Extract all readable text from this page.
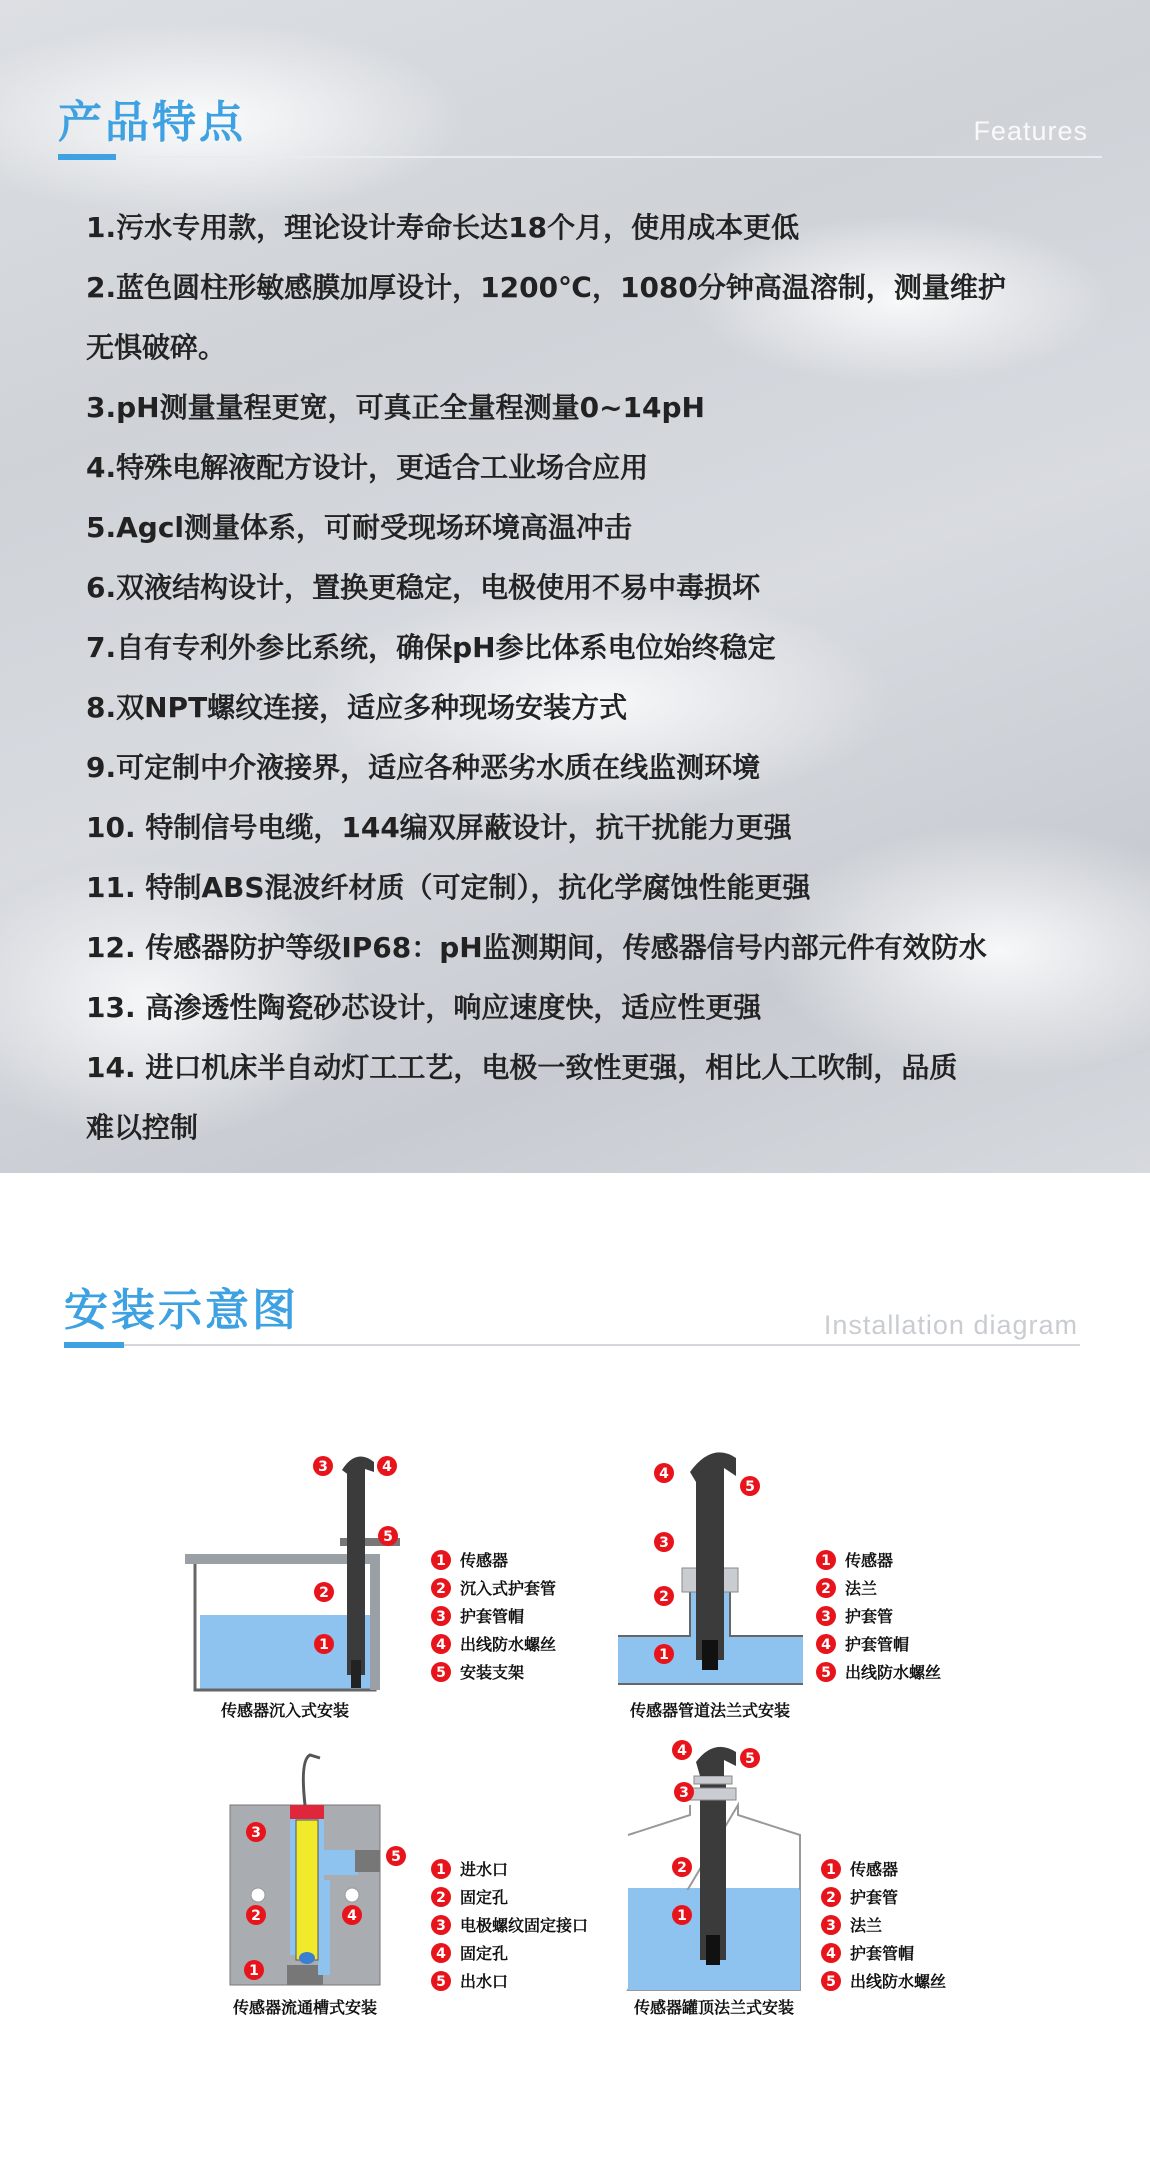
产品特点	Features
1.污水专用款，理论设计寿命长达18个月，使用成本更低
2.蓝色圆柱形敏感膜加厚设计，1200℃，1080分钟高温溶制，测量维护
无惧破碎。
3.pH测量量程更宽，可真正全量程测量0~14pH
4.特殊电解液配方设计，更适合工业场合应用
5.Agcl测量体系，可耐受现场环境高温冲击
6.双液结构设计，置换更稳定，电极使用不易中毒损坏
7.自有专利外参比系统，确保pH参比体系电位始终稳定
8.双NPT螺纹连接，适应多种现场安装方式
9.可定制中介液接界，适应各种恶劣水质在线监测环境
10. 特制信号电缆，144编双屏蔽设计，抗干扰能力更强
11. 特制ABS混波纤材质（可定制），抗化学腐蚀性能更强
12. 传感器防护等级IP68：pH监测期间，传感器信号内部元件有效防水
13. 高渗透性陶瓷砂芯设计，响应速度快，适应性更强
14. 进口机床半自动灯工工艺，电极一致性更强，相比人工吹制，品质
难以控制
安装示意图	Installation diagram
3	4
5
2
1
1 传感器
2 沉入式护套管
3 护套管帽
4 出线防水螺丝
5 安装支架
传感器沉入式安装
4
5
3
2
1
1 传感器
2 法兰
3 护套管
4 护套管帽
5 出线防水螺丝
传感器管道法兰式安装
3
5
2	4
1
1 进水口
2 固定孔
3 电极螺纹固定接口
4 固定孔
5 出水口
传感器流通槽式安装
4	5
3
2
1
1 传感器
2 护套管
3 法兰
4 护套管帽
5 出线防水螺丝
传感器罐顶法兰式安装
